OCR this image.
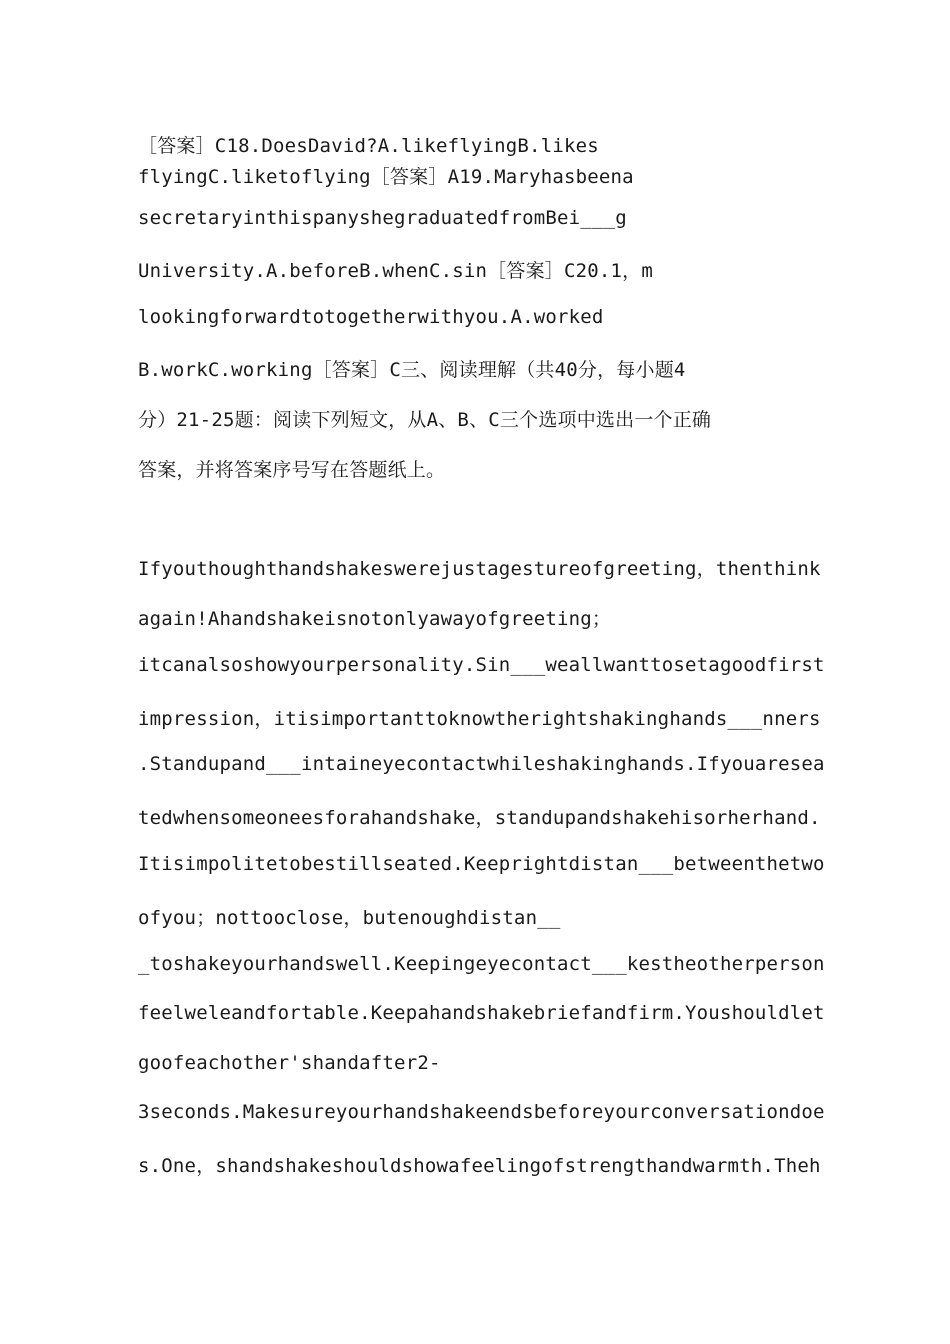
［答案］C18.DoesDavid?A.likeflyingB.likes
flyingC.liketoflying［答案］A19.Maryhasbeena
secretaryinthispanyshegraduatedfromBei___g
University.A.beforeB.whenC.sin［答案］C20.1，m
lookingforwardtotogetherwithyou.A.worked
B.workC.working［答案］C三、阅读理解（共40分，每小题4
分）21-25题：阅读下列短文，从A、B、C三个选项中选出一个正确
答案，并将答案序号写在答题纸上。
Ifyouthoughthandshakeswerejustagestureofgreeting，thenthink
again!Ahandshakeisnotonlyawayofgreeting；
itcanalsoshowyourpersonality.Sin___weallwanttosetagoodfirst
impression，itisimportanttoknowtherightshakinghands___nners
.Standupand___intaineyecontactwhileshakinghands.Ifyouaresea
tedwhensomeoneesforahandshake，standupandshakehisorherhand.
Itisimpolitetobestillseated.Keeprightdistan___betweenthetwo
ofyou；nottooclose，butenoughdistan__
_toshakeyourhandswell.Keepingeyecontact___kestheotherperson
feelweleandfortable.Keepahandshakebriefandfirm.Youshouldlet
goofeachother'shandafter2-
3seconds.Makesureyourhandshakeendsbeforeyourconversationdoe
s.One，shandshakeshouldshowafeelingofstrengthandwarmth.Theh
